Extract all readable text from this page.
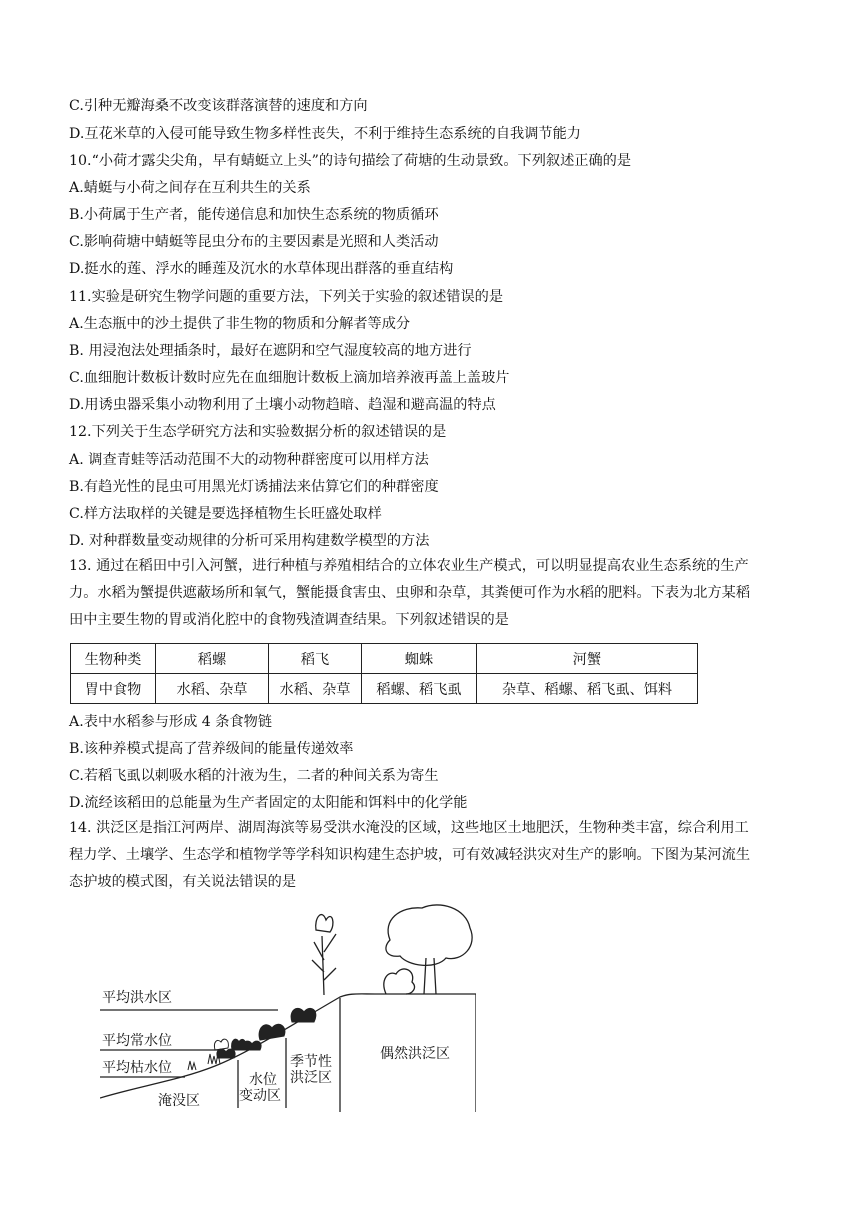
C.引种无瓣海桑不改变该群落演替的速度和方向
D.互花米草的入侵可能导致生物多样性丧失，不利于维持生态系统的自我调节能力
10.“小荷才露尖尖角，早有蜻蜓立上头”的诗句描绘了荷塘的生动景致。下列叙述正确的是
A.蜻蜓与小荷之间存在互利共生的关系
B.小荷属于生产者，能传递信息和加快生态系统的物质循环
C.影响荷塘中蜻蜓等昆虫分布的主要因素是光照和人类活动
D.挺水的莲、浮水的睡莲及沉水的水草体现出群落的垂直结构
11.实验是研究生物学问题的重要方法，下列关于实验的叙述错误的是
A.生态瓶中的沙土提供了非生物的物质和分解者等成分
B. 用浸泡法处理插条时，最好在遮阴和空气湿度较高的地方进行
C.血细胞计数板计数时应先在血细胞计数板上滴加培养液再盖上盖玻片
D.用诱虫器采集小动物利用了土壤小动物趋暗、趋湿和避高温的特点
12.下列关于生态学研究方法和实验数据分析的叙述错误的是
A. 调查青蛙等活动范围不大的动物种群密度可以用样方法
B.有趋光性的昆虫可用黑光灯诱捕法来估算它们的种群密度
C.样方法取样的关键是要选择植物生长旺盛处取样
D. 对种群数量变动规律的分析可采用构建数学模型的方法
13. 通过在稻田中引入河蟹，进行种植与养殖相结合的立体农业生产模式，可以明显提高农业生态系统的生产
力。水稻为蟹提供遮蔽场所和氧气，蟹能摄食害虫、虫卵和杂草，其粪便可作为水稻的肥料。下表为北方某稻
田中主要生物的胃或消化腔中的食物残渣调查结果。下列叙述错误的是
生物种类	稻螺	稻飞	蜘蛛	河蟹
胃中食物	水稻、杂草	水稻、杂草	稻螺、稻飞虱	杂草、稻螺、稻飞虱、饵料
A.表中水稻参与形成 4 条食物链
B.该种养模式提高了营养级间的能量传递效率
C.若稻飞虱以刺吸水稻的汁液为生，二者的种间关系为寄生
D.流经该稻田的总能量为生产者固定的太阳能和饵料中的化学能
14. 洪泛区是指江河两岸、湖周海滨等易受洪水淹没的区域，这些地区土地肥沃，生物种类丰富，综合利用工
程力学、土壤学、生态学和植物学等学科知识构建生态护坡，可有效减轻洪灾对生产的影响。下图为某河流生
态护坡的模式图，有关说法错误的是
平均洪水区
平均常水位
平均枯水位
淹没区
水位
变动区
季节性
洪泛区
偶然洪泛区
